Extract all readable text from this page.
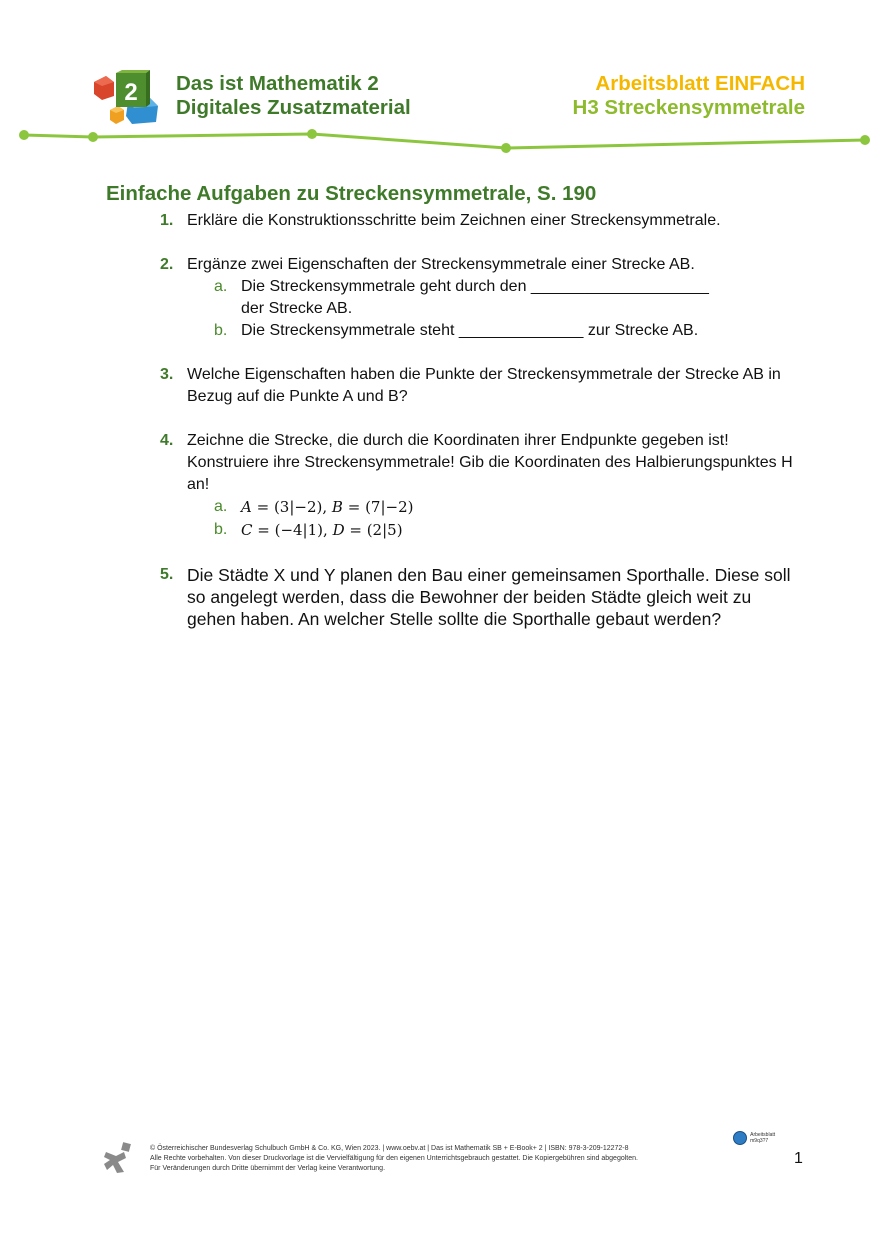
2 Das ist Mathematik 2
Digitales Zusatzmaterial
Arbeitsblatt EINFACH
H3 Streckensymmetrale
Einfache Aufgaben zu Streckensymmetrale, S. 190
1. Erkläre die Konstruktionsschritte beim Zeichnen einer Streckensymmetrale.
2. Ergänze zwei Eigenschaften der Streckensymmetrale einer Strecke AB.
a. Die Streckensymmetrale geht durch den ____________________
der Strecke AB.
b. Die Streckensymmetrale steht ______________ zur Strecke AB.
3. Welche Eigenschaften haben die Punkte der Streckensymmetrale der Strecke AB in Bezug auf die Punkte A und B?
4. Zeichne die Strecke, die durch die Koordinaten ihrer Endpunkte gegeben ist! Konstruiere ihre Streckensymmetrale! Gib die Koordinaten des Halbierungspunktes H an!
a. A = (3|−2), B = (7|−2)
b. C = (−4|1), D = (2|5)
5. Die Städte X und Y planen den Bau einer gemeinsamen Sporthalle. Diese soll so angelegt werden, dass die Bewohner der beiden Städte gleich weit zu gehen haben. An welcher Stelle sollte die Sporthalle gebaut werden?
© Österreichischer Bundesverlag Schulbuch GmbH & Co. KG, Wien 2023. | www.oebv.at | Das ist Mathematik SB + E-Book+ 2 | ISBN: 978-3-209-12272-8
Alle Rechte vorbehalten. Von dieser Druckvorlage ist die Vervielfältigung für den eigenen Unterrichtsgebrauch gestattet. Die Kopiergebühren sind abgegolten.
Für Veränderungen durch Dritte übernimmt der Verlag keine Verantwortung.
Arbeitsblatt
m9q3?7
1
